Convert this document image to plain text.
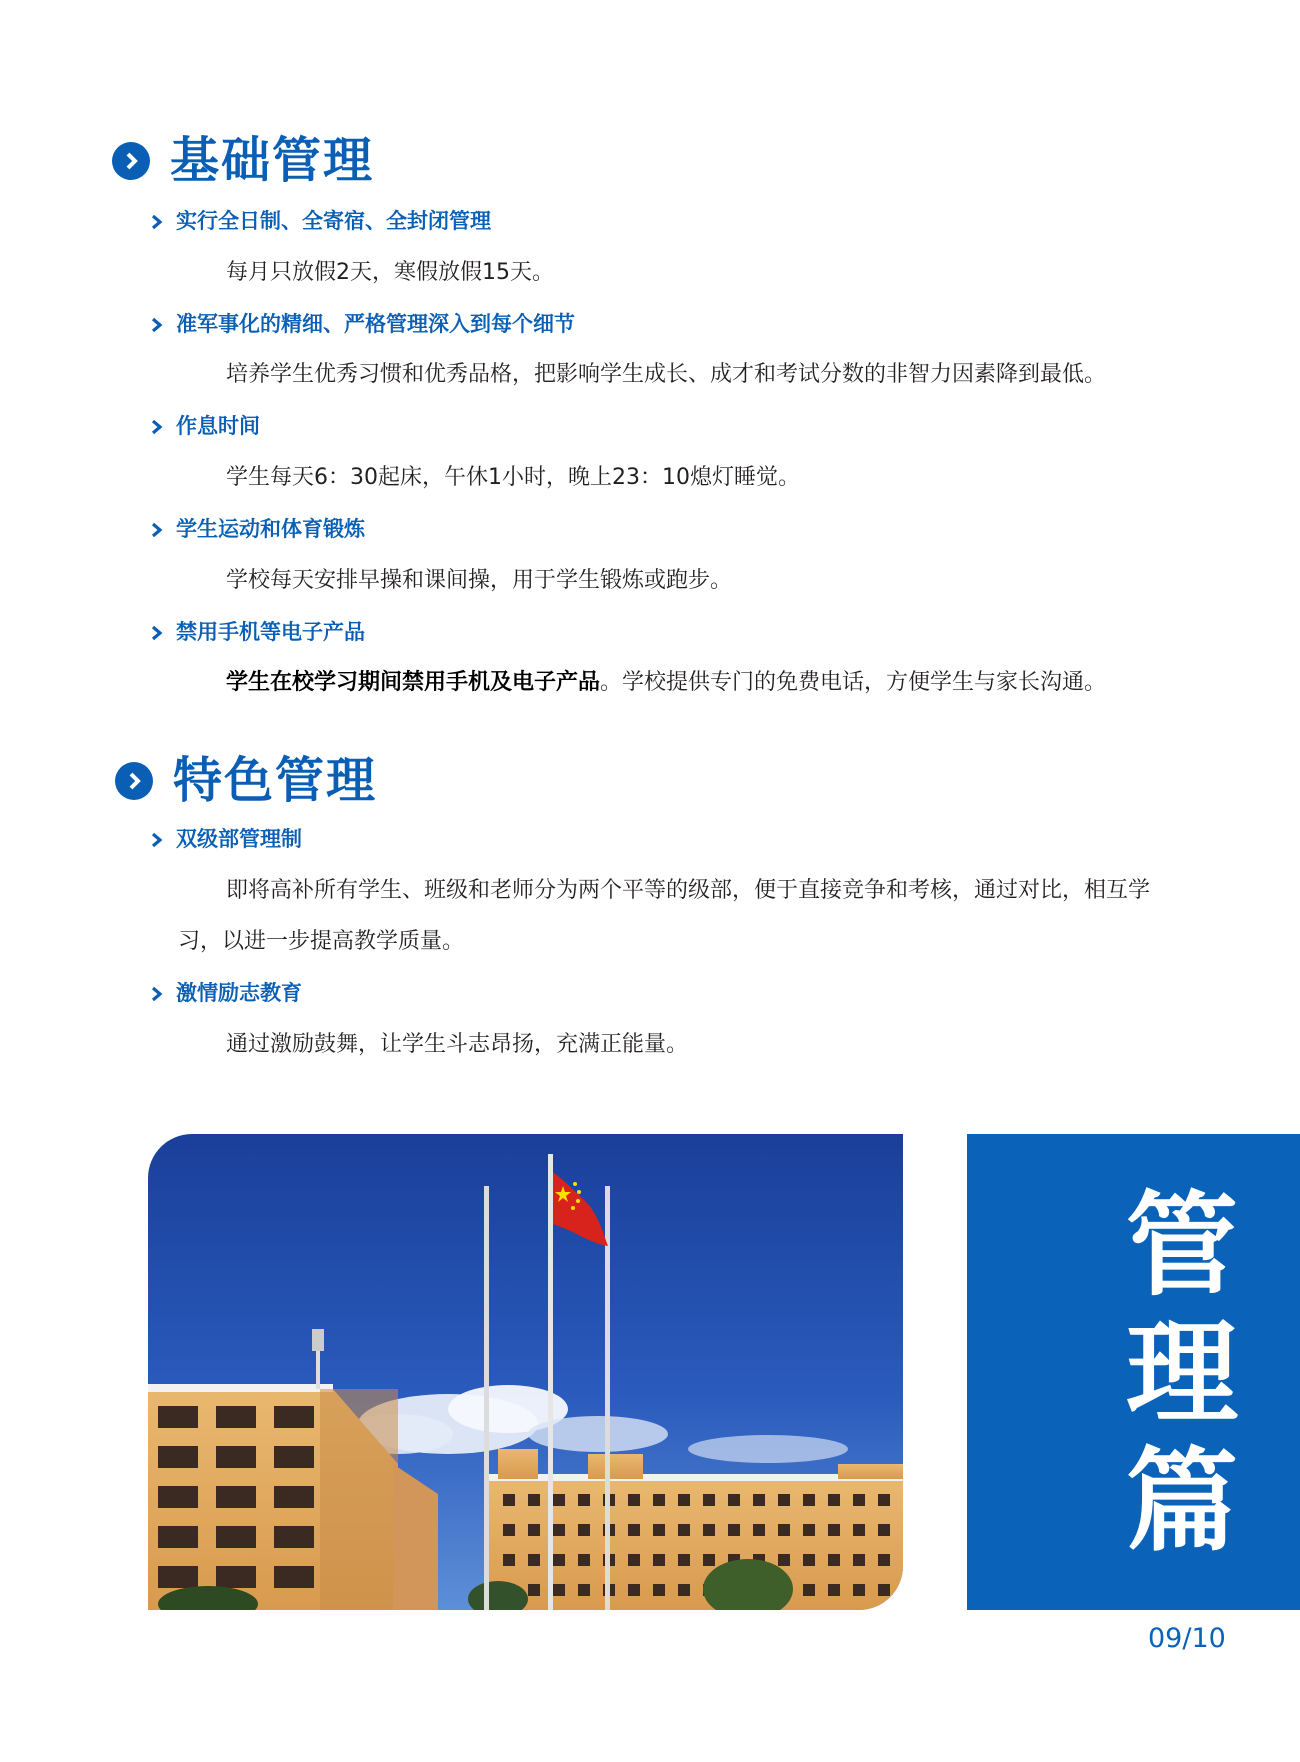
基础管理
实行全日制、全寄宿、全封闭管理
每月只放假2天，寒假放假15天。
准军事化的精细、严格管理深入到每个细节
培养学生优秀习惯和优秀品格，把影响学生成长、成才和考试分数的非智力因素降到最低。
作息时间
学生每天6：30起床，午休1小时，晚上23：10熄灯睡觉。
学生运动和体育锻炼
学校每天安排早操和课间操，用于学生锻炼或跑步。
禁用手机等电子产品
学生在校学习期间禁用手机及电子产品。学校提供专门的免费电话，方便学生与家长沟通。
特色管理
双级部管理制
即将高补所有学生、班级和老师分为两个平等的级部，便于直接竞争和考核，通过对比，相互学习，以进一步提高教学质量。
激情励志教育
通过激励鼓舞，让学生斗志昂扬，充满正能量。
管
理
篇
09/10
